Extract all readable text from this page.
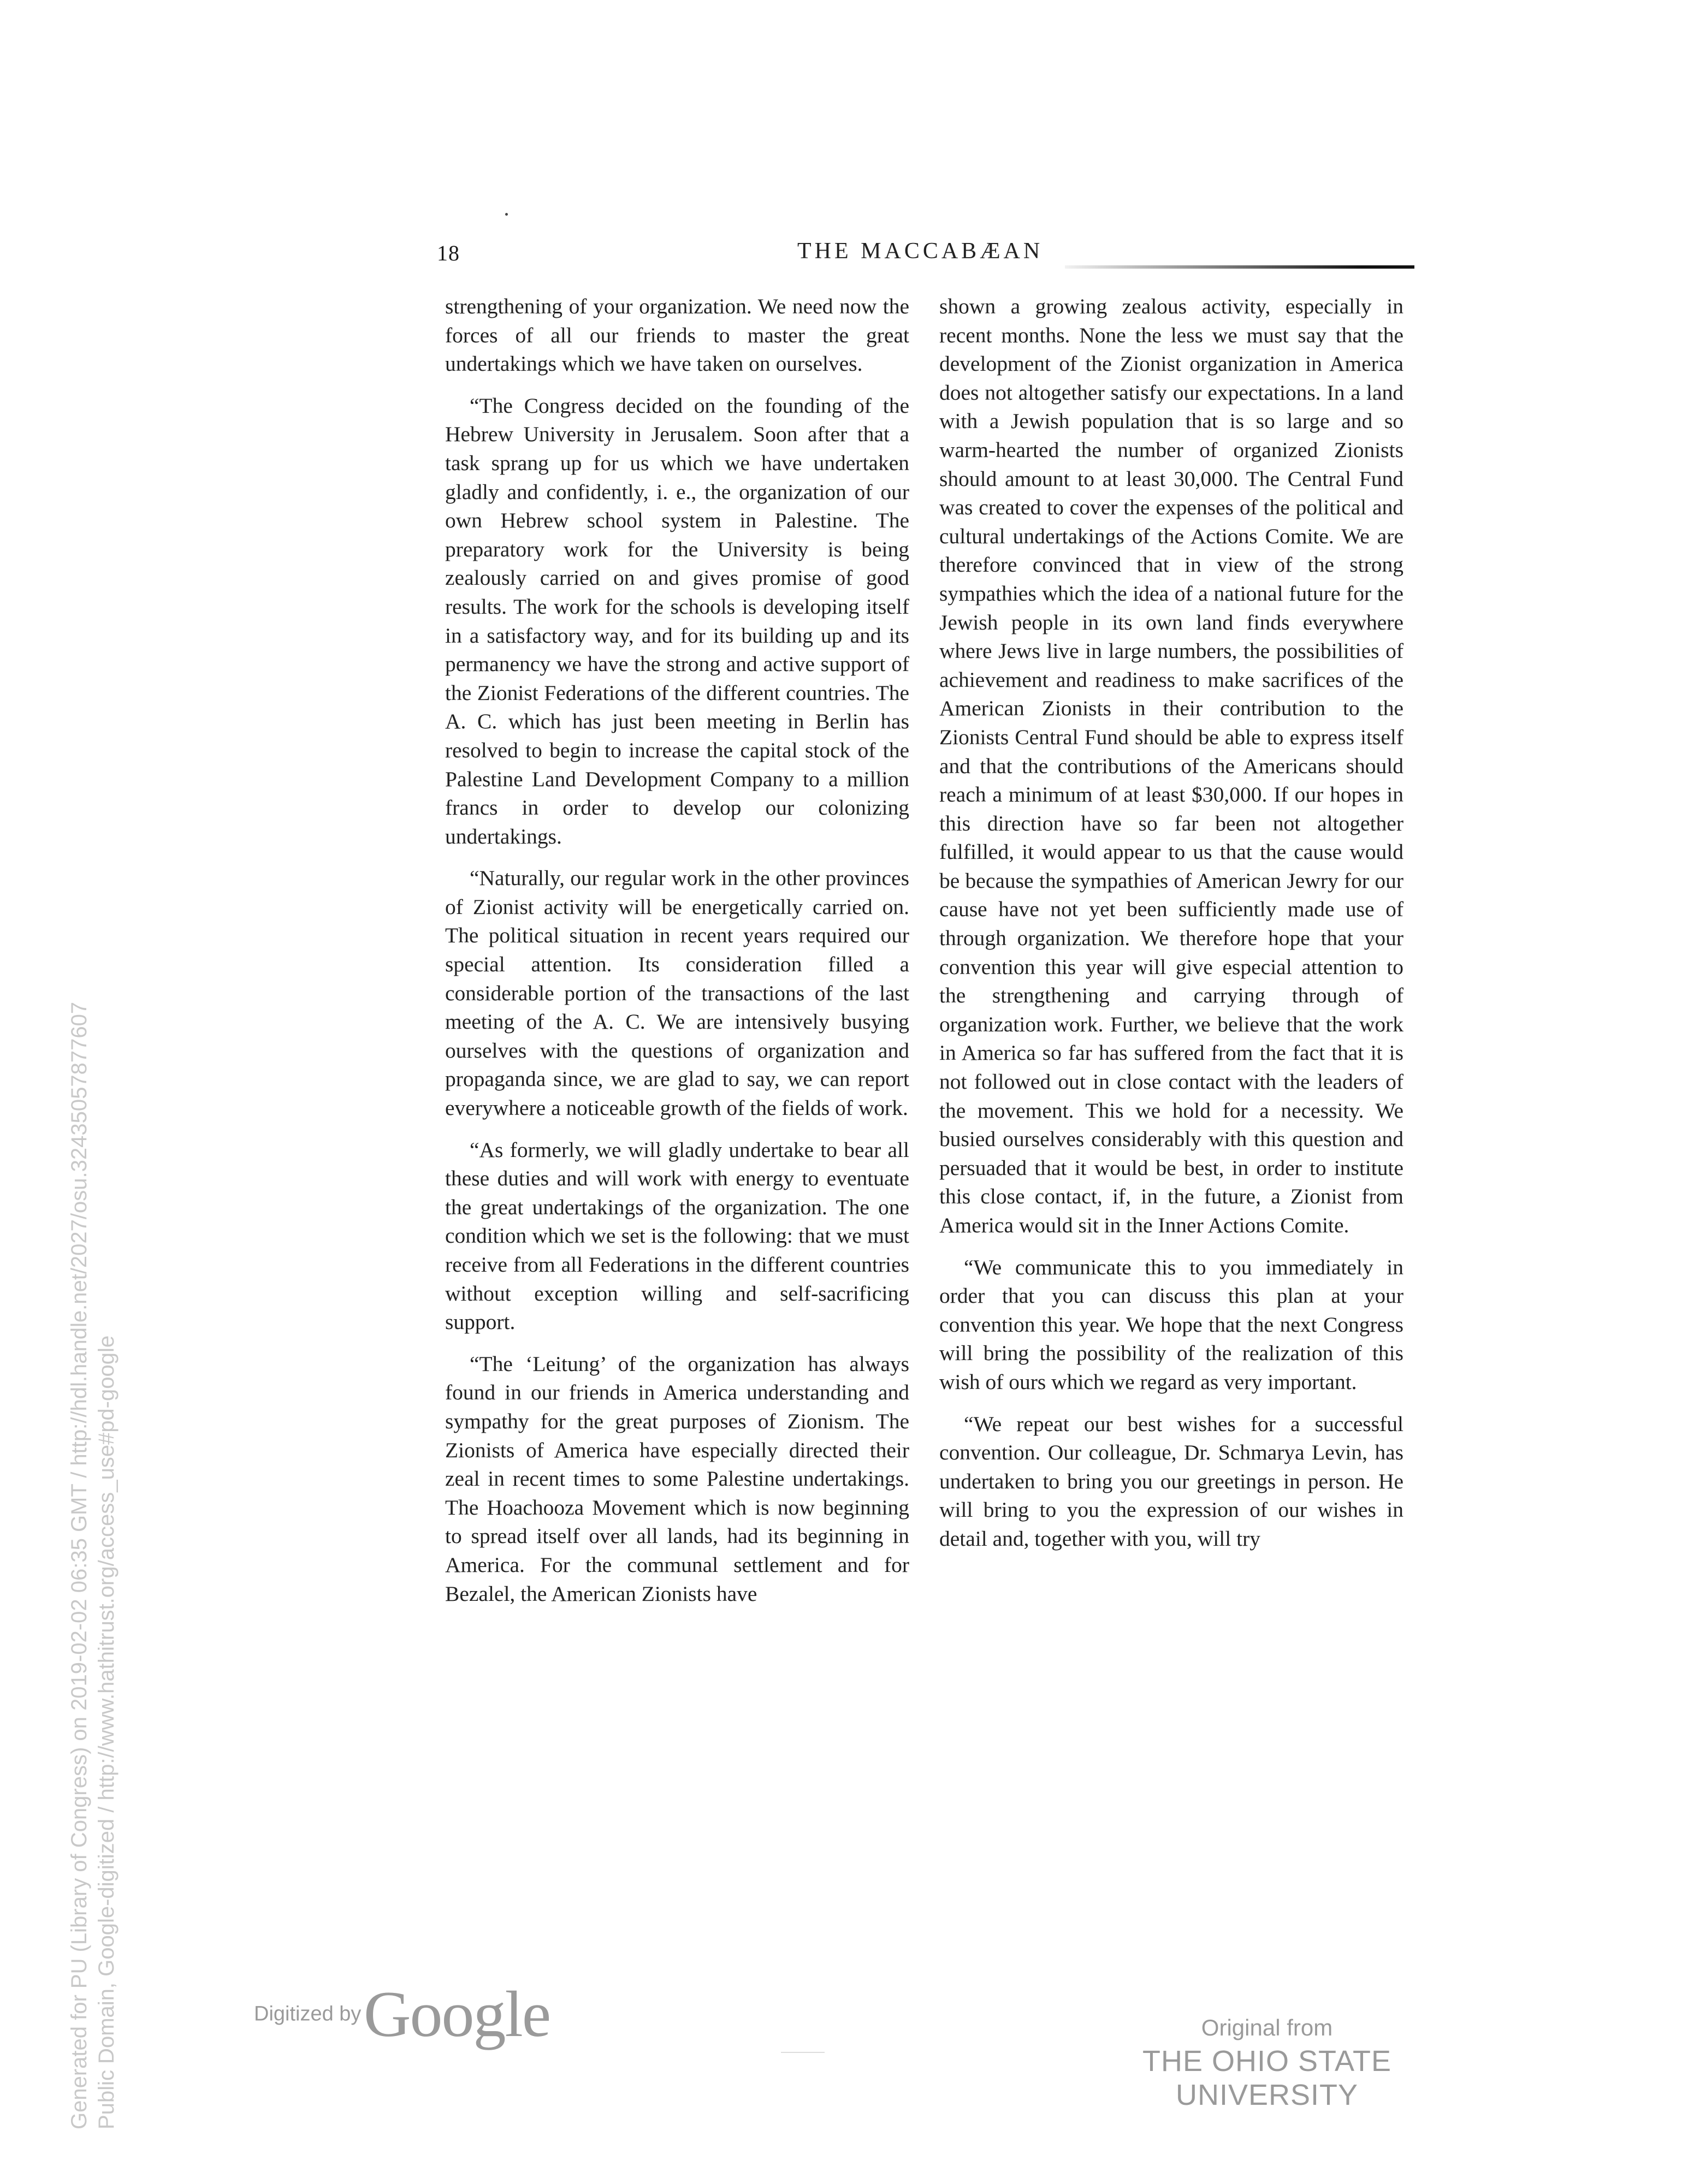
18	THE MACCABÆAN

strengthening of your organization. We need now the forces of all our friends to master the great undertakings which we have taken on ourselves.

“The Congress decided on the founding of the Hebrew University in Jerusalem. Soon after that a task sprang up for us which we have undertaken gladly and confidently, i. e., the organization of our own Hebrew school system in Palestine. The preparatory work for the University is being zealously carried on and gives promise of good results. The work for the schools is developing itself in a satisfactory way, and for its building up and its permanency we have the strong and active support of the Zionist Federations of the different countries. The A. C. which has just been meeting in Berlin has resolved to begin to increase the capital stock of the Palestine Land Development Company to a million francs in order to develop our colonizing undertakings.

“Naturally, our regular work in the other provinces of Zionist activity will be energetically carried on. The political situation in recent years required our special attention. Its consideration filled a considerable portion of the transactions of the last meeting of the A. C. We are intensively busying ourselves with the questions of organization and propaganda since, we are glad to say, we can report everywhere a noticeable growth of the fields of work.

“As formerly, we will gladly undertake to bear all these duties and will work with energy to eventuate the great undertakings of the organization. The one condition which we set is the following: that we must receive from all Federations in the different countries without exception willing and self-sacrificing support.

“The ‘Leitung’ of the organization has always found in our friends in America understanding and sympathy for the great purposes of Zionism. The Zionists of America have especially directed their zeal in recent times to some Palestine undertakings. The Hoachooza Movement which is now beginning to spread itself over all lands, had its beginning in America. For the communal settlement and for Bezalel, the American Zionists have

shown a growing zealous activity, especially in recent months. None the less we must say that the development of the Zionist organization in America does not altogether satisfy our expectations. In a land with a Jewish population that is so large and so warm-hearted the number of organized Zionists should amount to at least 30,000. The Central Fund was created to cover the expenses of the political and cultural undertakings of the Actions Comite. We are therefore convinced that in view of the strong sympathies which the idea of a national future for the Jewish people in its own land finds everywhere where Jews live in large numbers, the possibilities of achievement and readiness to make sacrifices of the American Zionists in their contribution to the Zionists Central Fund should be able to express itself and that the contributions of the Americans should reach a minimum of at least $30,000. If our hopes in this direction have so far been not altogether fulfilled, it would appear to us that the cause would be because the sympathies of American Jewry for our cause have not yet been sufficiently made use of through organization. We therefore hope that your convention this year will give especial attention to the strengthening and carrying through of organization work. Further, we believe that the work in America so far has suffered from the fact that it is not followed out in close contact with the leaders of the movement. This we hold for a necessity. We busied ourselves considerably with this question and persuaded that it would be best, in order to institute this close contact, if, in the future, a Zionist from America would sit in the Inner Actions Comite.

“We communicate this to you immediately in order that you can discuss this plan at your convention this year. We hope that the next Congress will bring the possibility of the realization of this wish of ours which we regard as very important.

“We repeat our best wishes for a successful convention. Our colleague, Dr. Schmarya Levin, has undertaken to bring you our greetings in person. He will bring to you the expression of our wishes in detail and, together with you, will try

Generated for PU (Library of Congress) on 2019-02-02 06:35 GMT / http://hdl.handle.net/2027/osu.32435057877607 Public Domain, Google-digitized / http://www.hathitrust.org/access_use#pd-google	Digitized by Google	Original from
THE OHIO STATE UNIVERSITY
